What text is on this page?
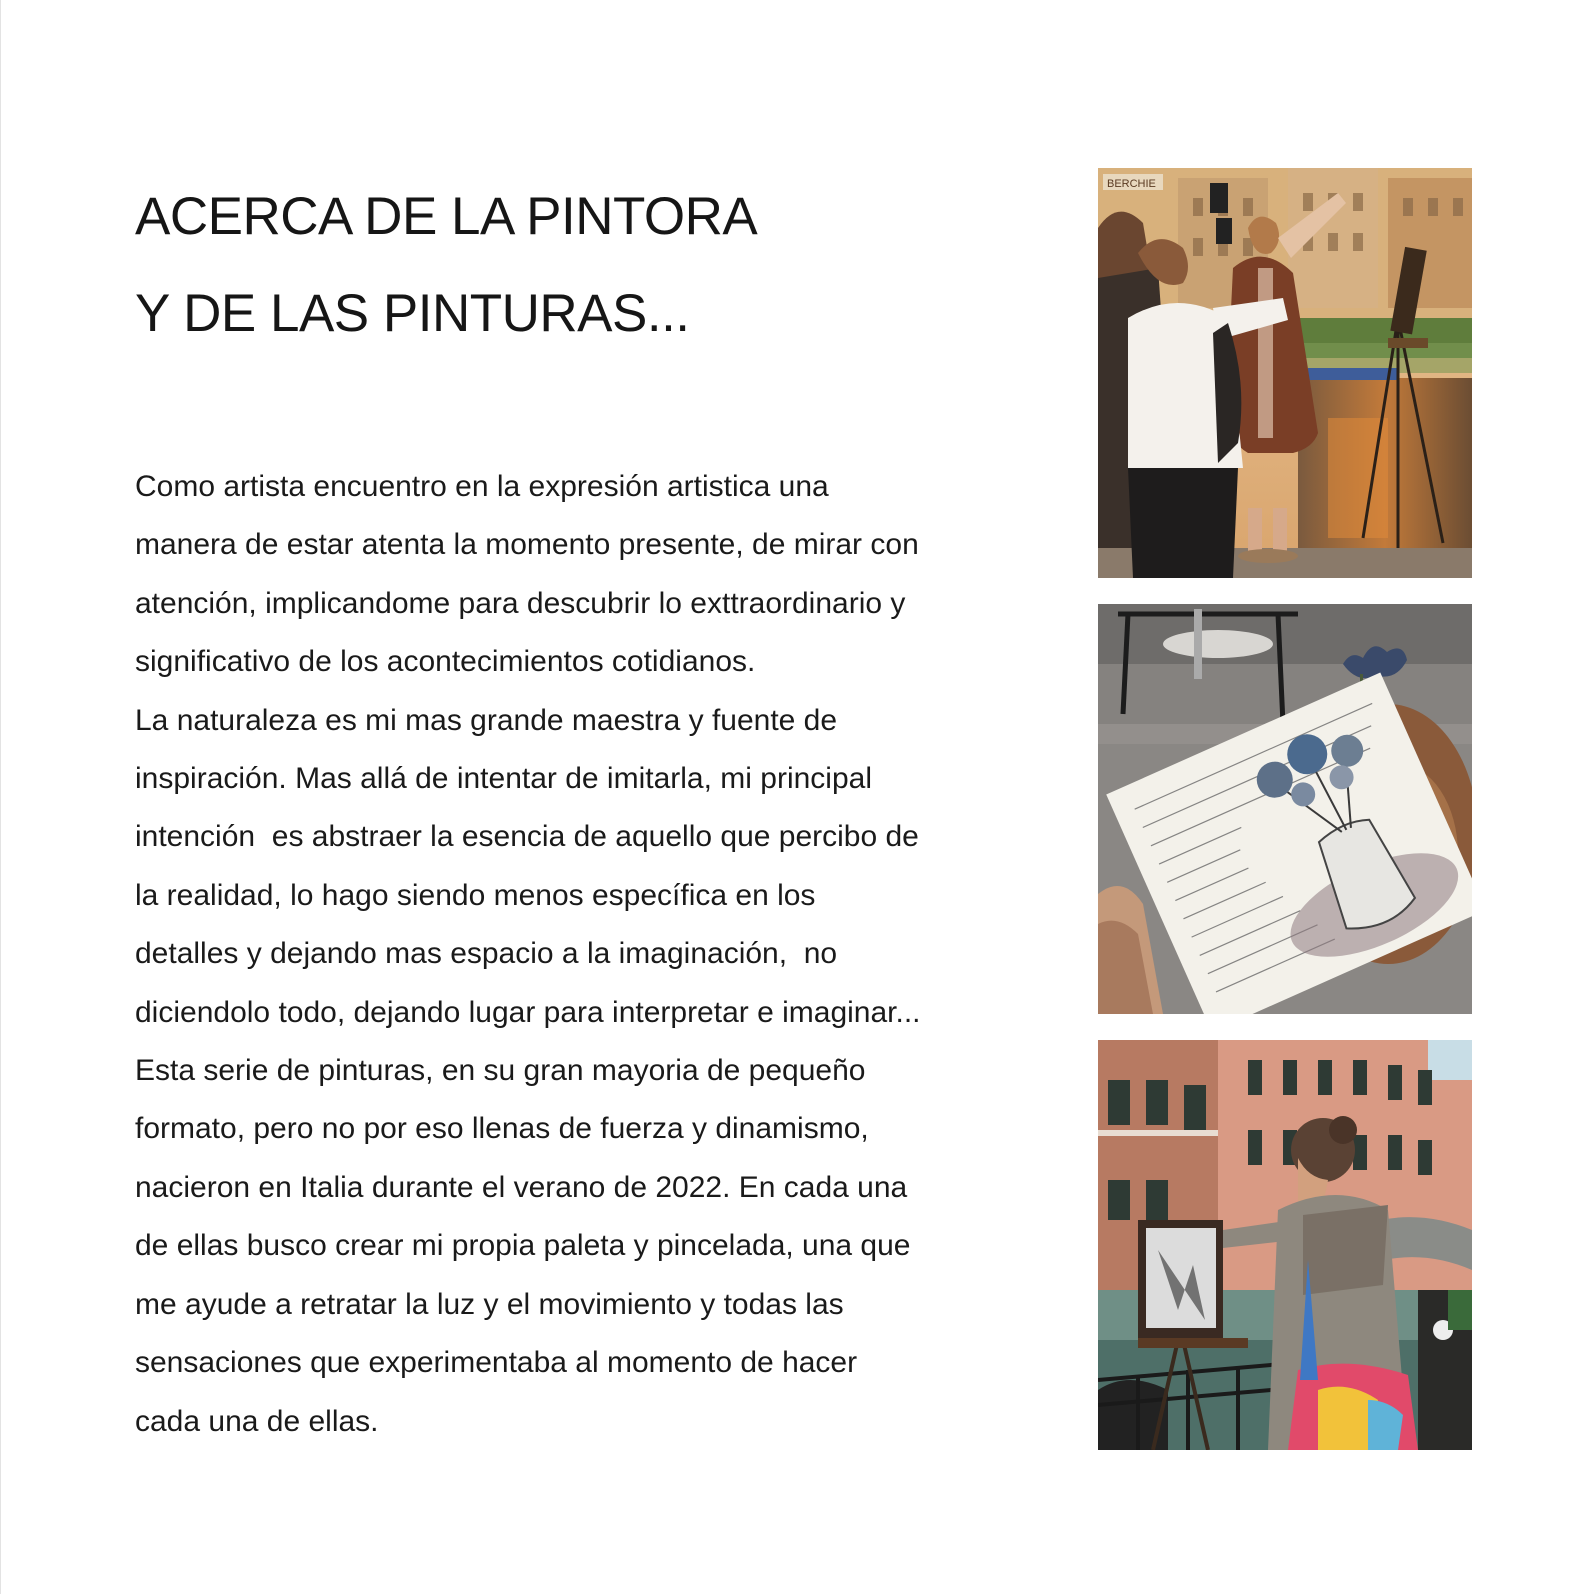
ACERCA DE LA PINTORA
Y DE LAS PINTURAS...
Como artista encuentro en la expresión artistica una
manera de estar atenta la momento presente, de mirar con
atención, implicandome para descubrir lo exttraordinario y
significativo de los acontecimientos cotidianos.
La naturaleza es mi mas grande maestra y fuente de
inspiración. Mas allá de intentar de imitarla, mi principal
intención  es abstraer la esencia de aquello que percibo de
la realidad, lo hago siendo menos específica en los
detalles y dejando mas espacio a la imaginación,  no
diciendolo todo, dejando lugar para interpretar e imaginar...
Esta serie de pinturas, en su gran mayoria de pequeño
formato, pero no por eso llenas de fuerza y dinamismo,
nacieron en Italia durante el verano de 2022. En cada una
de ellas busco crear mi propia paleta y pincelada, una que
me ayude a retratar la luz y el movimiento y todas las
sensaciones que experimentaba al momento de hacer
cada una de ellas.
BERCHIE
